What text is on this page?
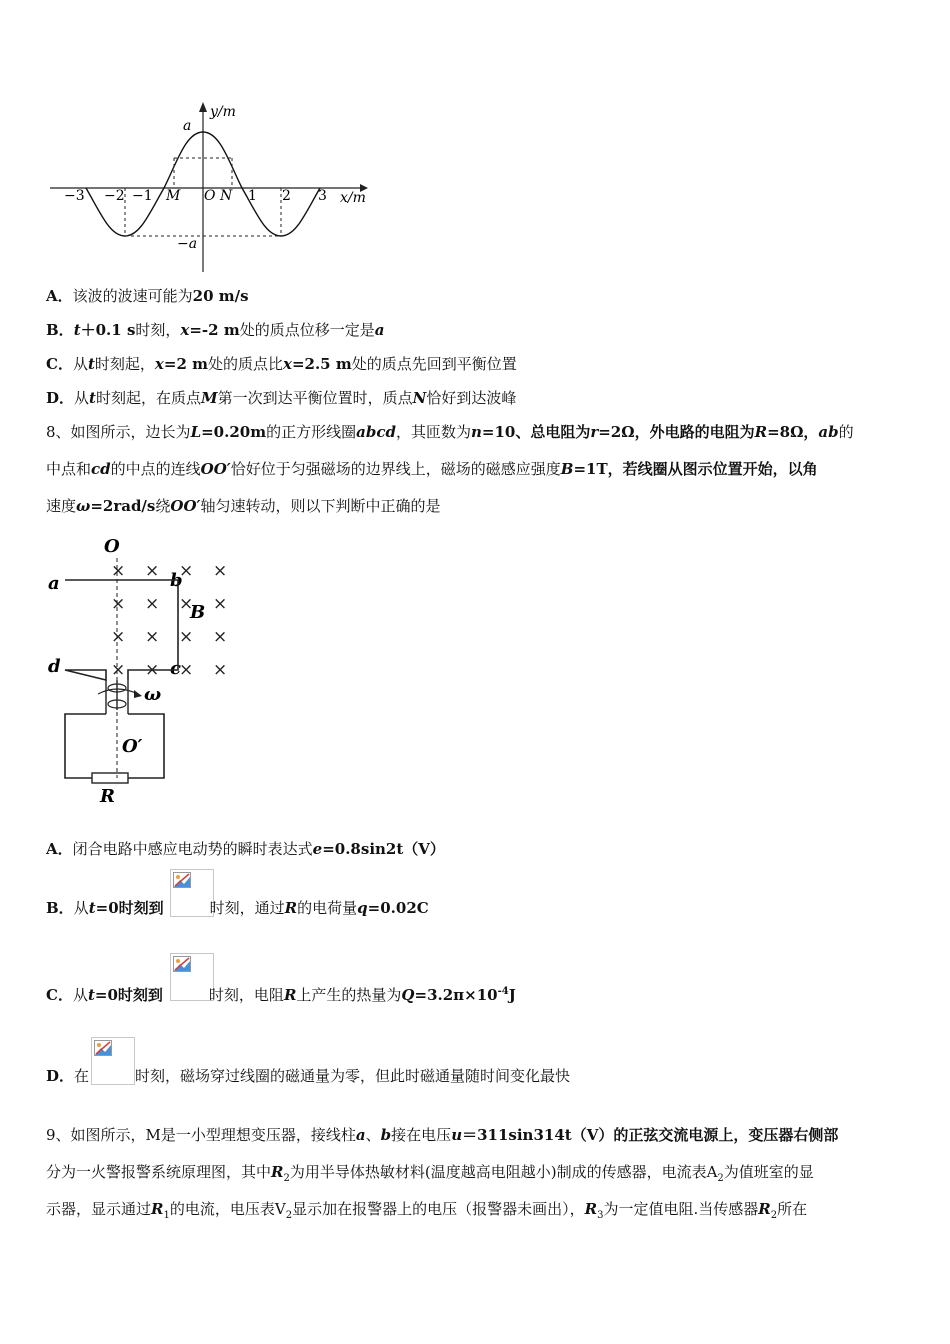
y/m
x/m
a
−a
−3 −2 −1 M O N 1 2 3
A．该波的波速可能为20 m/s
B．t＋0.1 s时刻，x=-2 m处的质点位移一定是a
C．从t时刻起，x=2 m处的质点比x=2.5 m处的质点先回到平衡位置
D．从t时刻起，在质点M第一次到达平衡位置时，质点N恰好到达波峰
8、如图所示，边长为L=0.20m的正方形线圈abcd，其匝数为n=10、总电阻为r=2Ω，外电路的电阻为R=8Ω，ab的
中点和cd的中点的连线OO′恰好位于匀强磁场的边界线上，磁场的磁感应强度B=1T，若线圈从图示位置开始，以角
速度ω=2rad/s绕OO′轴匀速转动，则以下判断中正确的是
O
a	b
B
d	c
ω
O′
R
× × × ×
× × × ×
× × × ×
× × × ×
A．闭合电路中感应电动势的瞬时表达式e=0.8sin2t（V）
B．从t=0时刻到	时刻，通过R的电荷量q=0.02C
C．从t=0时刻到	时刻，电阻R上产生的热量为$Q=3.2\pi\times 10^{-4}J$
D．在	时刻，磁场穿过线圈的磁通量为零，但此时磁通量随时间变化最快
9、如图所示，M是一小型理想变压器，接线柱a、b接在电压u＝311sin314t（V）的正弦交流电源上，变压器右侧部
分为一火警报警系统原理图，其中$R_2$为用半导体热敏材料(温度越高电阻越小)制成的传感器，电流表$A_2$为值班室的显
示器，显示通过$R_1$的电流，电压表$V_2$显示加在报警器上的电压（报警器未画出），$R_3$为一定值电阻.当传感器$R_2$所在
